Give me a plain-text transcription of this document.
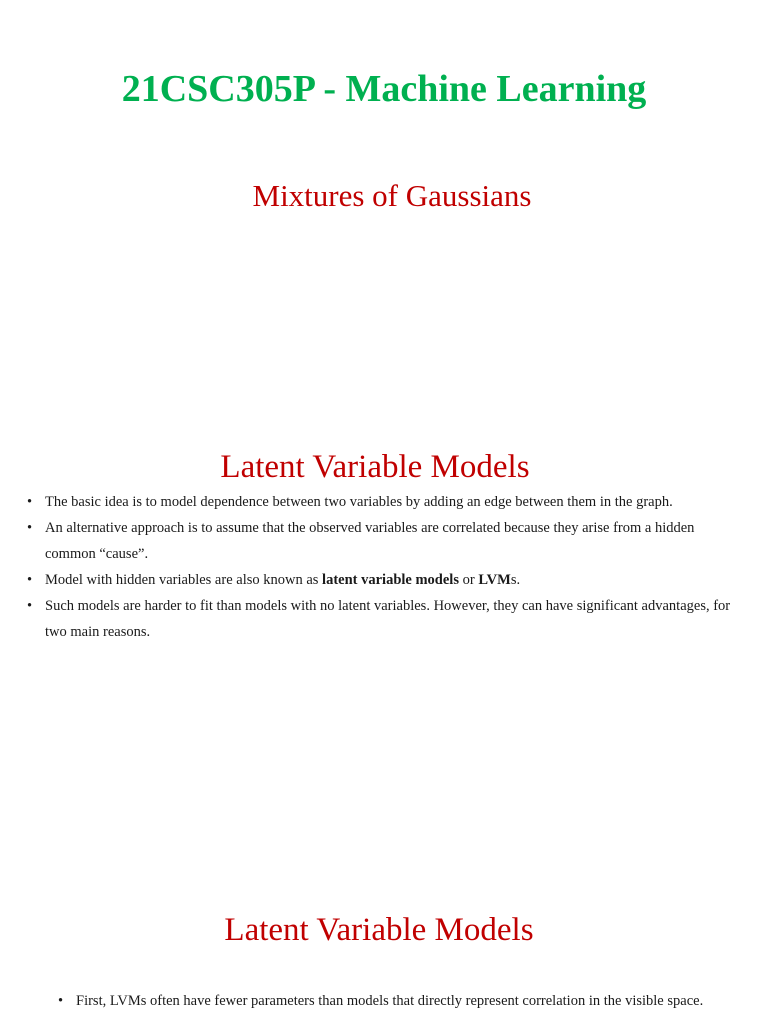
21CSC305P - Machine Learning
Mixtures of Gaussians
Latent Variable Models
• The basic idea is to model dependence between two variables by adding an edge between them in the graph.
• An alternative approach is to assume that the observed variables are correlated because they arise from a hidden common “cause”.
• Model with hidden variables are also known as latent variable models or LVMs.
• Such models are harder to fit than models with no latent variables. However, they can have significant advantages, for two main reasons.
Latent Variable Models
• First, LVMs often have fewer parameters than models that directly represent correlation in the visible space.
